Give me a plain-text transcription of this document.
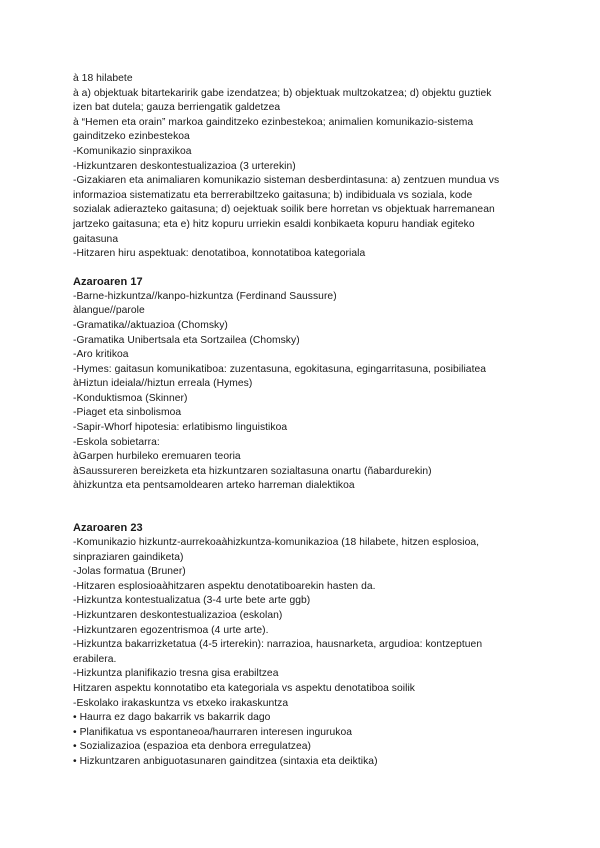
à 18 hilabete
à a) objektuak bitartekaririk gabe izendatzea; b) objektuak multzokatzea; d) objektu guztiek
izen bat dutela; gauza berriengatik galdetzea
à “Hemen eta orain” markoa gainditzeko ezinbestekoa; animalien komunikazio-sistema
gainditzeko ezinbestekoa
-Komunikazio sinpraxikoa
-Hizkuntzaren deskontestualizazioa (3 urterekin)
-Gizakiaren eta animaliaren komunikazio sisteman desberdintasuna: a) zentzuen mundua vs
informazioa sistematizatu eta berrerabiltzeko gaitasuna; b) indibiduala vs soziala, kode
sozialak adierazteko gaitasuna; d) oejektuak soilik bere horretan vs objektuak harremanean
jartzeko gaitasuna; eta e) hitz kopuru urriekin esaldi konbikaeta kopuru handiak egiteko
gaitasuna
-Hitzaren hiru aspektuak: denotatiboa, konnotatiboa kategoriala
Azaroaren 17
-Barne-hizkuntza//kanpo-hizkuntza (Ferdinand Saussure)
àlangue//parole
-Gramatika//aktuazioa (Chomsky)
-Gramatika Unibertsala eta Sortzailea (Chomsky)
-Aro kritikoa
-Hymes: gaitasun komunikatiboa: zuzentasuna, egokitasuna, egingarritasuna, posibiliatea
àHiztun ideiala//hiztun erreala (Hymes)
-Konduktismoa (Skinner)
-Piaget eta sinbolismoa
-Sapir-Whorf hipotesia: erlatibismo linguistikoa
-Eskola sobietarra:
àGarpen hurbileko eremuaren teoria
àSaussureren bereizketa eta hizkuntzaren sozialtasuna onartu (ñabardurekin)
àhizkuntza eta pentsamoldearen arteko harreman dialektikoa
Azaroaren 23
-Komunikazio hizkuntz-aurrekoaàhizkuntza-komunikazioa (18 hilabete, hitzen esplosioa,
sinpraziaren gaindiketa)
-Jolas formatua (Bruner)
-Hitzaren esplosioaàhitzaren aspektu denotatiboarekin hasten da.
-Hizkuntza kontestualizatua (3-4 urte bete arte ggb)
-Hizkuntzaren deskontestualizazioa (eskolan)
-Hizkuntzaren egozentrismoa (4 urte arte).
-Hizkuntza bakarrizketatua (4-5 irterekin): narrazioa, hausnarketa, argudioa: kontzeptuen
erabilera.
-Hizkuntza planifikazio tresna gisa erabiltzea
Hitzaren aspektu konnotatibo eta kategoriala vs aspektu denotatiboa soilik
-Eskolako irakaskuntza vs etxeko irakaskuntza
• Haurra ez dago bakarrik vs bakarrik dago
• Planifikatua vs espontaneoa/haurraren interesen ingurukoa
• Sozializazioa (espazioa eta denbora erregulatzea)
• Hizkuntzaren anbiguotasunaren gainditzea (sintaxia eta deiktika)
